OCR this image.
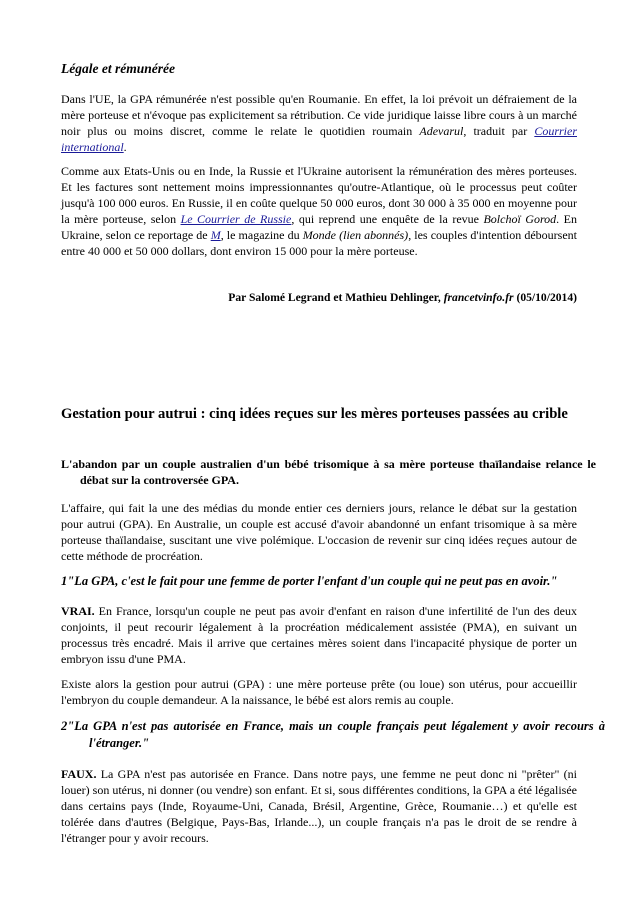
Légale et rémunérée

Dans l'UE, la GPA rémunérée n'est possible qu'en Roumanie. En effet, la loi prévoit un défraiement de la mère porteuse et n'évoque pas explicitement sa rétribution. Ce vide juridique laisse libre cours à un marché noir plus ou moins discret, comme le relate le quotidien roumain Adevarul, traduit par Courrier international.

Comme aux Etats-Unis ou en Inde, la Russie et l'Ukraine autorisent la rémunération des mères porteuses. Et les factures sont nettement moins impressionnantes qu'outre-Atlantique, où le processus peut coûter jusqu'à 100 000 euros. En Russie, il en coûte quelque 50 000 euros, dont 30 000 à 35 000 en moyenne pour la mère porteuse, selon Le Courrier de Russie, qui reprend une enquête de la revue Bolchoï Gorod. En Ukraine, selon ce reportage de M, le magazine du Monde (lien abonnés), les couples d'intention déboursent entre 40 000 et 50 000 dollars, dont environ 15 000 pour la mère porteuse.

Par Salomé Legrand et Mathieu Dehlinger, francetvinfo.fr (05/10/2014)
Gestation pour autrui : cinq idées reçues sur les mères porteuses passées au crible
L'abandon par un couple australien d'un bébé trisomique à sa mère porteuse thaïlandaise relance le débat sur la controversée GPA.

L'affaire, qui fait la une des médias du monde entier ces derniers jours, relance le débat sur la gestation pour autrui (GPA). En Australie, un couple est accusé d'avoir abandonné un enfant trisomique à sa mère porteuse thaïlandaise, suscitant une vive polémique. L'occasion de revenir sur cinq idées reçues autour de cette méthode de procréation.

1"La GPA, c'est le fait pour une femme de porter l'enfant d'un couple qui ne peut pas en avoir."

VRAI. En France, lorsqu'un couple ne peut pas avoir d'enfant en raison d'une infertilité de l'un des deux conjoints, il peut recourir légalement à la procréation médicalement assistée (PMA), en suivant un processus très encadré. Mais il arrive que certaines mères soient dans l'incapacité physique de porter un embryon issu d'une PMA.

Existe alors la gestion pour autrui (GPA) : une mère porteuse prête (ou loue) son utérus, pour accueillir l'embryon du couple demandeur. A la naissance, le bébé est alors remis au couple.

2"La GPA n'est pas autorisée en France, mais un couple français peut légalement y avoir recours à l'étranger."

FAUX. La GPA n'est pas autorisée en France. Dans notre pays, une femme ne peut donc ni "prêter" (ni louer) son utérus, ni donner (ou vendre) son enfant. Et si, sous différentes conditions, la GPA a été légalisée dans certains pays (Inde, Royaume-Uni, Canada, Brésil, Argentine, Grèce, Roumanie…) et qu'elle est tolérée dans d'autres (Belgique, Pays-Bas, Irlande...), un couple français n'a pas le droit de se rendre à l'étranger pour y avoir recours.
